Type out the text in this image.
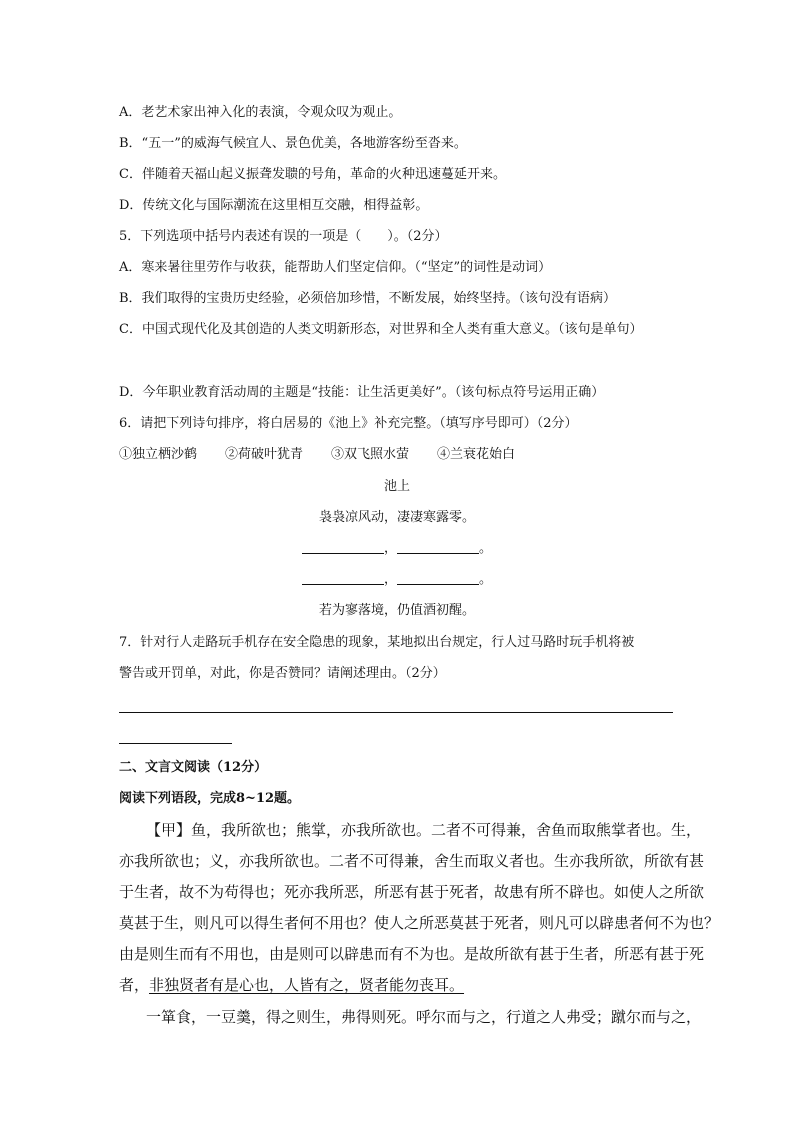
A．老艺术家出神入化的表演，令观众叹为观止。
B．“五一”的威海气候宜人、景色优美，各地游客纷至沓来。
C．伴随着天福山起义振聋发聩的号角，革命的火种迅速蔓延开来。
D．传统文化与国际潮流在这里相互交融，相得益彰。
5．下列选项中括号内表述有误的一项是（　　）。（2分）
A．寒来暑往里劳作与收获，能帮助人们坚定信仰。（“坚定”的词性是动词）
B．我们取得的宝贵历史经验，必须倍加珍惜，不断发展，始终坚持。（该句没有语病）
C．中国式现代化及其创造的人类文明新形态，对世界和全人类有重大意义。（该句是单句）
D．今年职业教育活动周的主题是“技能：让生活更美好”。（该句标点符号运用正确）
6．请把下列诗句排序，将白居易的《池上》补充完整。（填写序号即可）（2分）
①独立栖沙鹤 ②荷破叶犹青 ③双飞照水萤 ④兰衰花始白
池上
袅袅凉风动，凄凄寒露零。
，	。
，	。
若为寥落境，仍值酒初醒。
7．针对行人走路玩手机存在安全隐患的现象，某地拟出台规定，行人过马路时玩手机将被
警告或开罚单，对此，你是否赞同？请阐述理由。（2分）
二、文言文阅读（12分）
阅读下列语段，完成8~12题。
【甲】鱼，我所欲也；熊掌，亦我所欲也。二者不可得兼，舍鱼而取熊掌者也。生，
亦我所欲也；义，亦我所欲也。二者不可得兼，舍生而取义者也。生亦我所欲，所欲有甚
于生者，故不为苟得也；死亦我所恶，所恶有甚于死者，故患有所不辟也。如使人之所欲
莫甚于生，则凡可以得生者何不用也？使人之所恶莫甚于死者，则凡可以辟患者何不为也？
由是则生而有不用也，由是则可以辟患而有不为也。是故所欲有甚于生者，所恶有甚于死
者，非独贤者有是心也，人皆有之，贤者能勿丧耳。
一箪食，一豆羹，得之则生，弗得则死。呼尔而与之，行道之人弗受；蹴尔而与之，
